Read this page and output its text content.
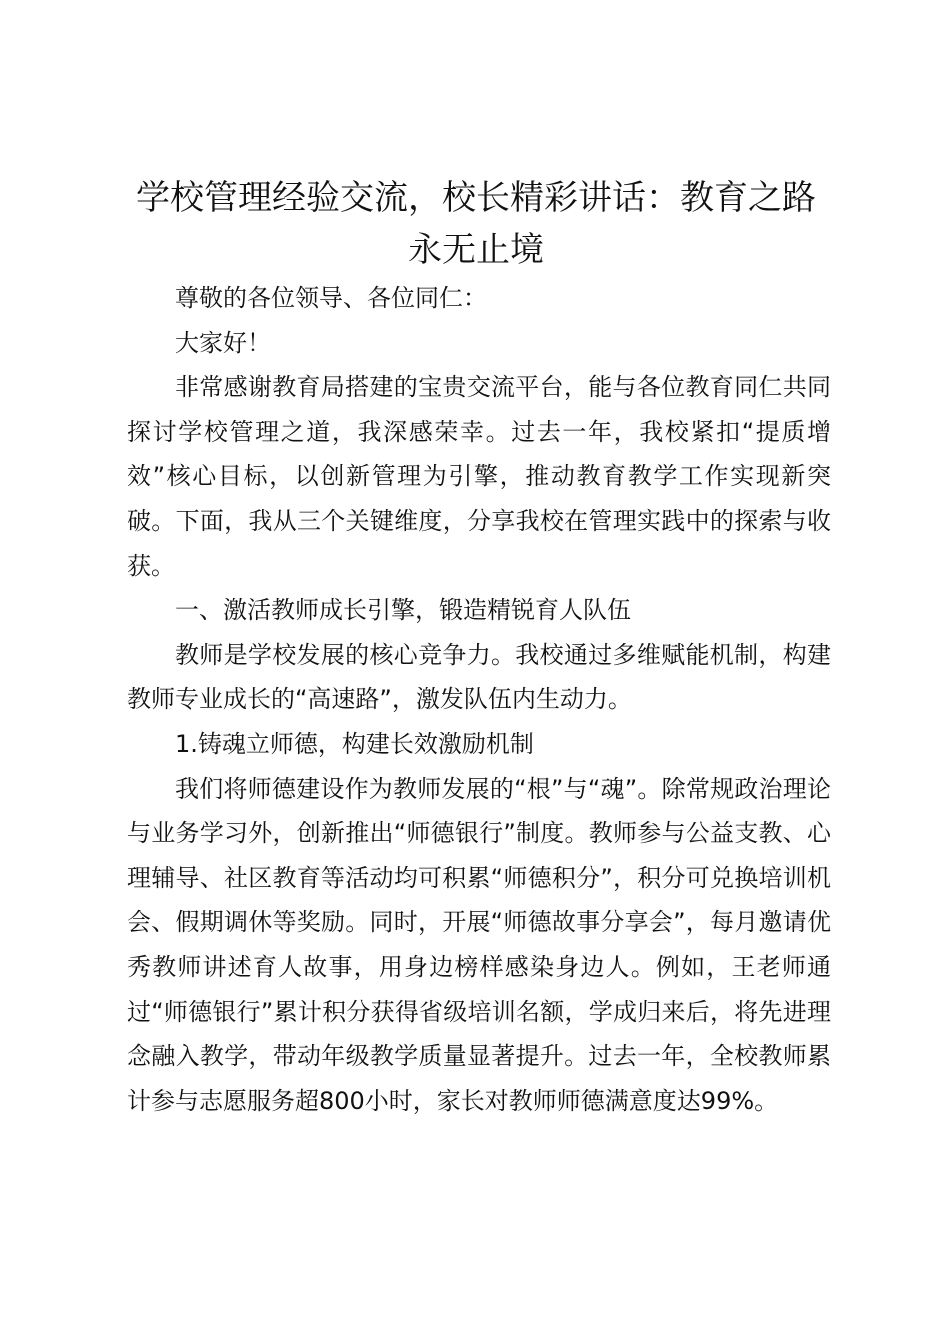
学校管理经验交流，校长精彩讲话：教育之路永无止境

尊敬的各位领导、各位同仁：

大家好！

非常感谢教育局搭建的宝贵交流平台，能与各位教育同仁共同探讨学校管理之道，我深感荣幸。过去一年，我校紧扣“提质增效”核心目标，以创新管理为引擎，推动教育教学工作实现新突破。下面，我从三个关键维度，分享我校在管理实践中的探索与收获。

一、激活教师成长引擎，锻造精锐育人队伍

教师是学校发展的核心竞争力。我校通过多维赋能机制，构建教师专业成长的“高速路”，激发队伍内生动力。

1.铸魂立师德，构建长效激励机制

我们将师德建设作为教师发展的“根”与“魂”。除常规政治理论与业务学习外，创新推出“师德银行”制度。教师参与公益支教、心理辅导、社区教育等活动均可积累“师德积分”，积分可兑换培训机会、假期调休等奖励。同时，开展“师德故事分享会”，每月邀请优秀教师讲述育人故事，用身边榜样感染身边人。例如，王老师通过“师德银行”累计积分获得省级培训名额，学成归来后，将先进理念融入教学，带动年级教学质量显著提升。过去一年，全校教师累计参与志愿服务超800小时，家长对教师师德满意度达99%。
